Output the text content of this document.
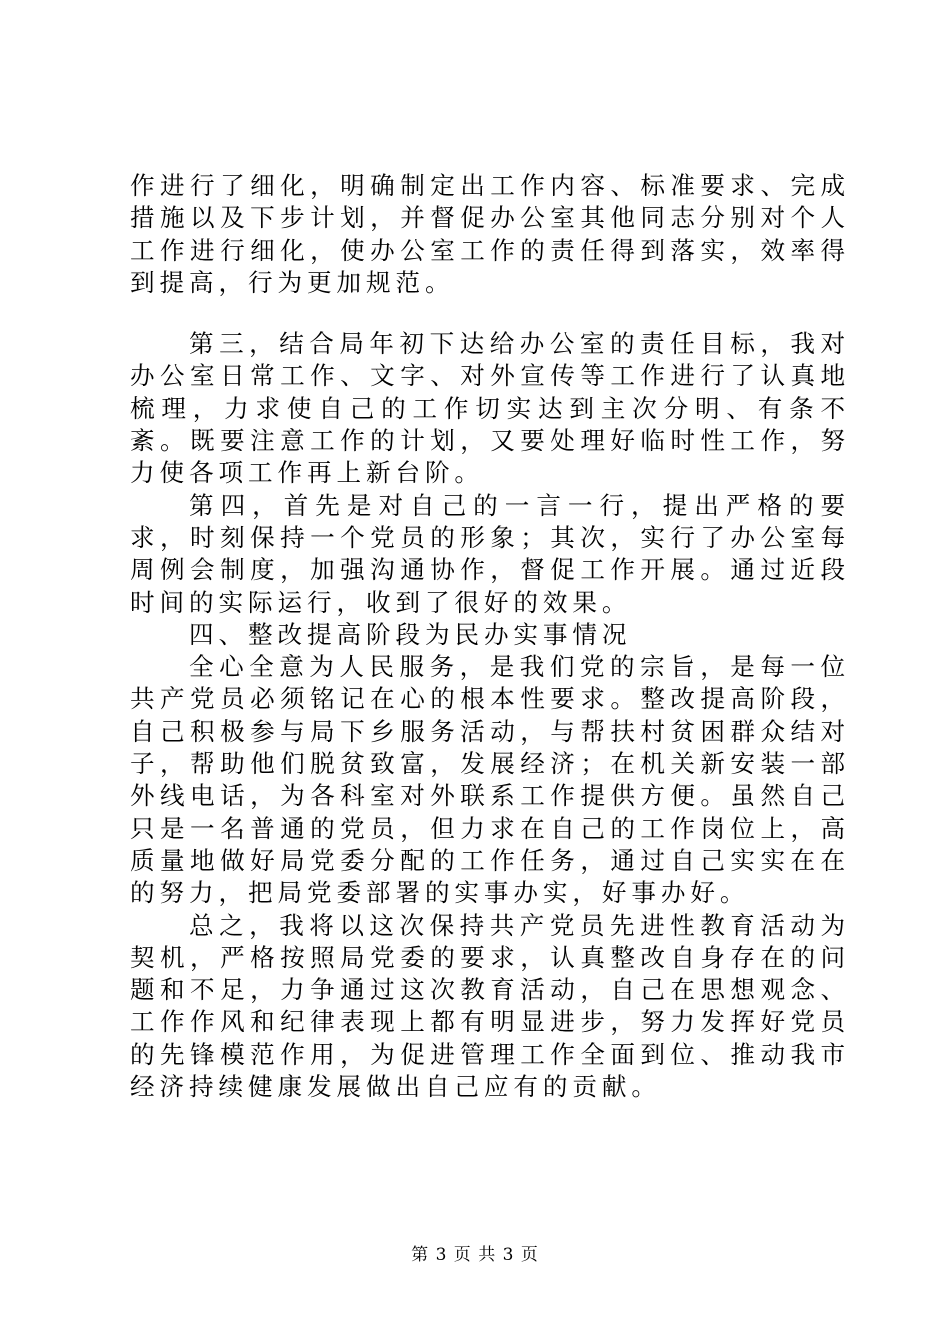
作进行了细化，明确制定出工作内容、标准要求、完成措施以及下步计划，并督促办公室其他同志分别对个人工作进行细化，使办公室工作的责任得到落实，效率得到提高，行为更加规范。

第三，结合局年初下达给办公室的责任目标，我对办公室日常工作、文字、对外宣传等工作进行了认真地梳理，力求使自己的工作切实达到主次分明、有条不紊。既要注意工作的计划，又要处理好临时性工作，努力使各项工作再上新台阶。

第四，首先是对自己的一言一行，提出严格的要求，时刻保持一个党员的形象；其次，实行了办公室每周例会制度，加强沟通协作，督促工作开展。通过近段时间的实际运行，收到了很好的效果。

四、整改提高阶段为民办实事情况

全心全意为人民服务，是我们党的宗旨，是每一位共产党员必须铭记在心的根本性要求。整改提高阶段，自己积极参与局下乡服务活动，与帮扶村贫困群众结对子，帮助他们脱贫致富，发展经济；在机关新安装一部外线电话，为各科室对外联系工作提供方便。虽然自己只是一名普通的党员，但力求在自己的工作岗位上，高质量地做好局党委分配的工作任务，通过自己实实在在的努力，把局党委部署的实事办实，好事办好。

总之，我将以这次保持共产党员先进性教育活动为契机，严格按照局党委的要求，认真整改自身存在的问题和不足，力争通过这次教育活动，自己在思想观念、工作作风和纪律表现上都有明显进步，努力发挥好党员的先锋模范作用，为促进管理工作全面到位、推动我市经济持续健康发展做出自己应有的贡献。

第 3 页 共 3 页
